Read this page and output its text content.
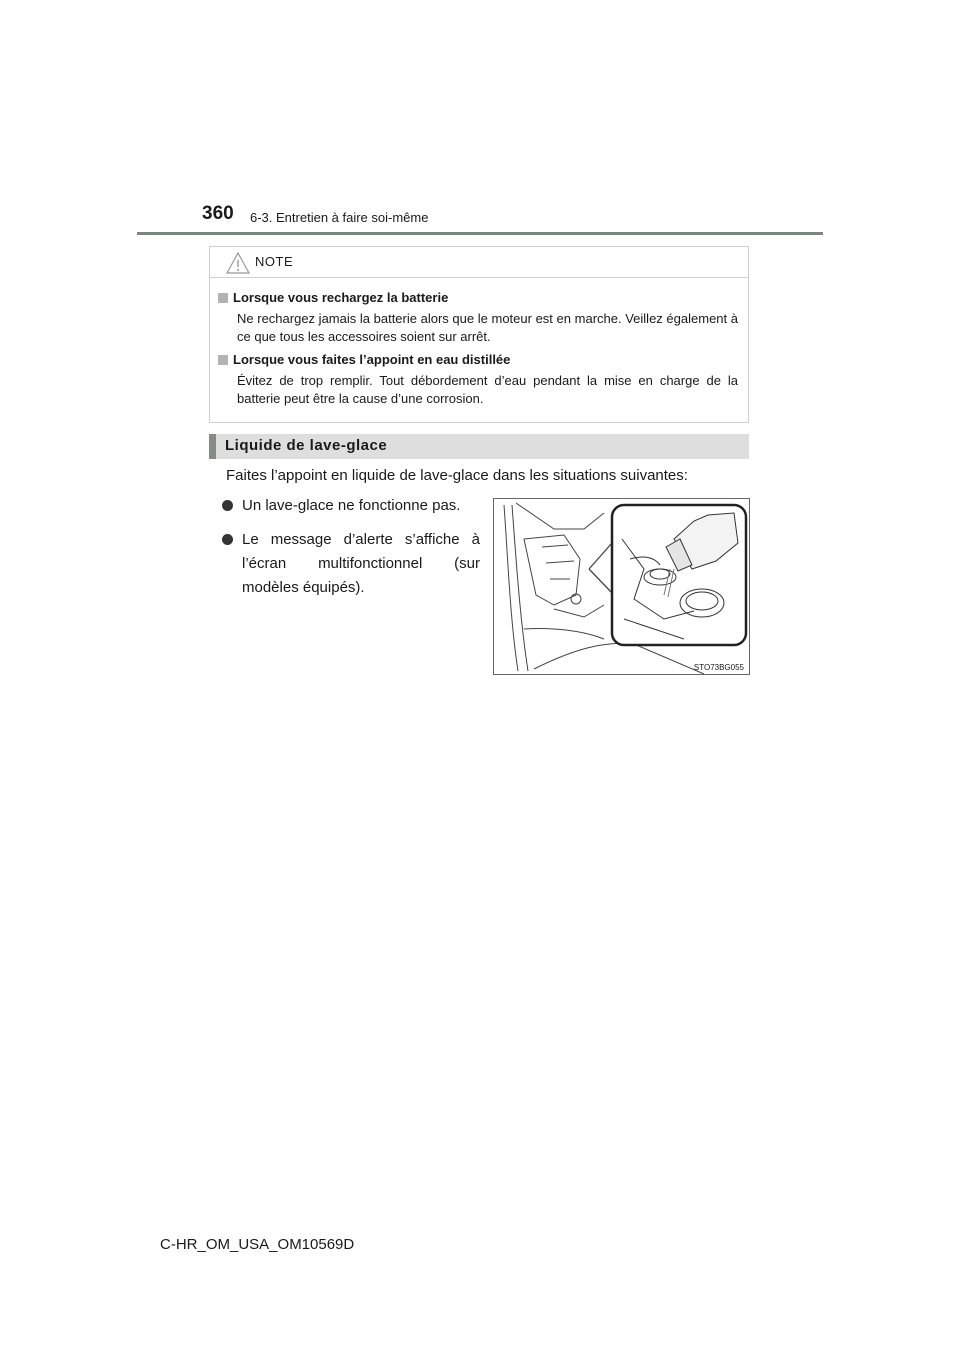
360 6-3. Entretien à faire soi-même
NOTE
Lorsque vous rechargez la batterie
Ne rechargez jamais la batterie alors que le moteur est en marche. Veillez également à ce que tous les accessoires soient sur arrêt.
Lorsque vous faites l’appoint en eau distillée
Évitez de trop remplir. Tout débordement d’eau pendant la mise en charge de la batterie peut être la cause d’une corrosion.
Liquide de lave-glace
Faites l’appoint en liquide de lave-glace dans les situations suivantes:
Un lave-glace ne fonctionne pas.
Le message d’alerte s’affiche à l’écran multifonctionnel (sur modèles équipés).
STO73BG055
C-HR_OM_USA_OM10569D
